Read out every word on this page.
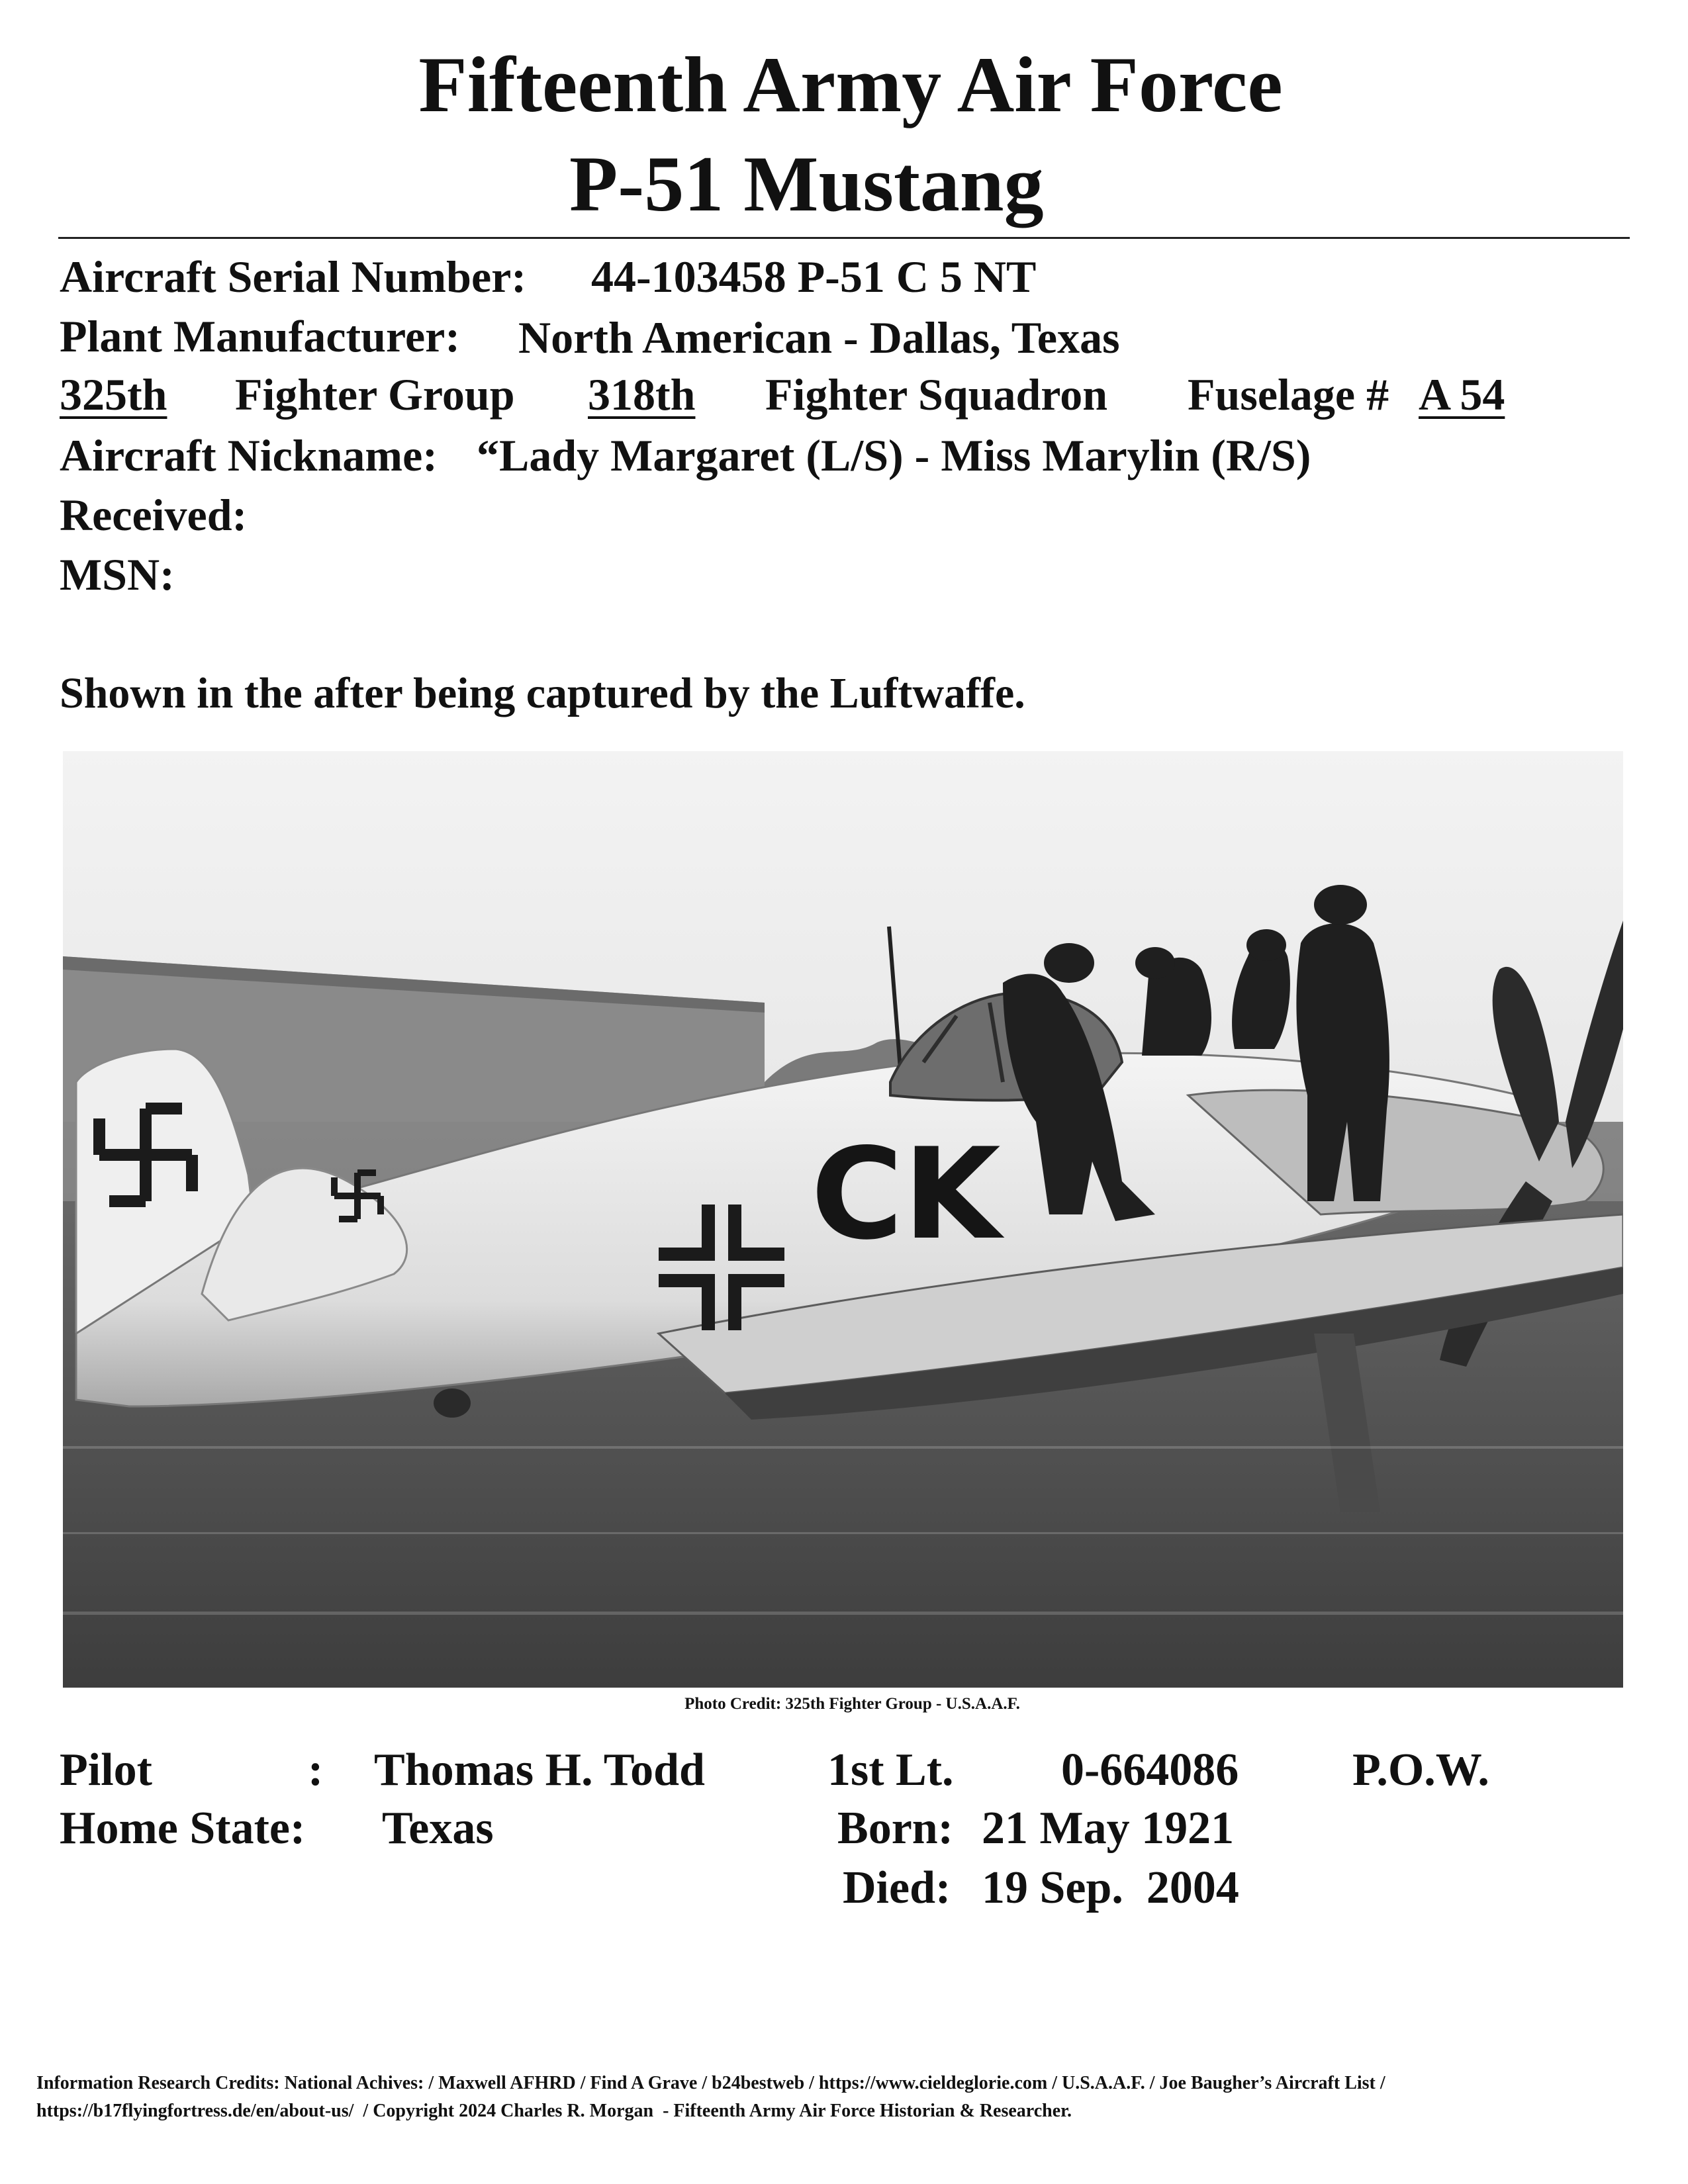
Fifteenth Army Air Force
P-51 Mustang
Aircraft Serial Number: 44-103458 P-51 C 5 NT
Plant Manufacturer: North American - Dallas, Texas
325th	Fighter Group 318th	Fighter Squadron Fuselage # A 54
Aircraft Nickname: “Lady Margaret (L/S) - Miss Marylin (R/S)
Received:
MSN:
Shown in the after being captured by the Luftwaffe.
CK
Photo Credit: 325th Fighter Group - U.S.A.A.F.
Pilot	: Thomas H. Todd	1st Lt. 0-664086 P.O.W.
Home State: Texas	Born: 21 May 1921
Died: 19 Sep.  2004
Information Research Credits: National Achives: / Maxwell AFHRD / Find A Grave / b24bestweb / https://www.cieldeglorie.com / U.S.A.A.F. / Joe Baugher’s Aircraft List /
https://b17flyingfortress.de/en/about-us/  / Copyright 2024 Charles R. Morgan  - Fifteenth Army Air Force Historian & Researcher.
